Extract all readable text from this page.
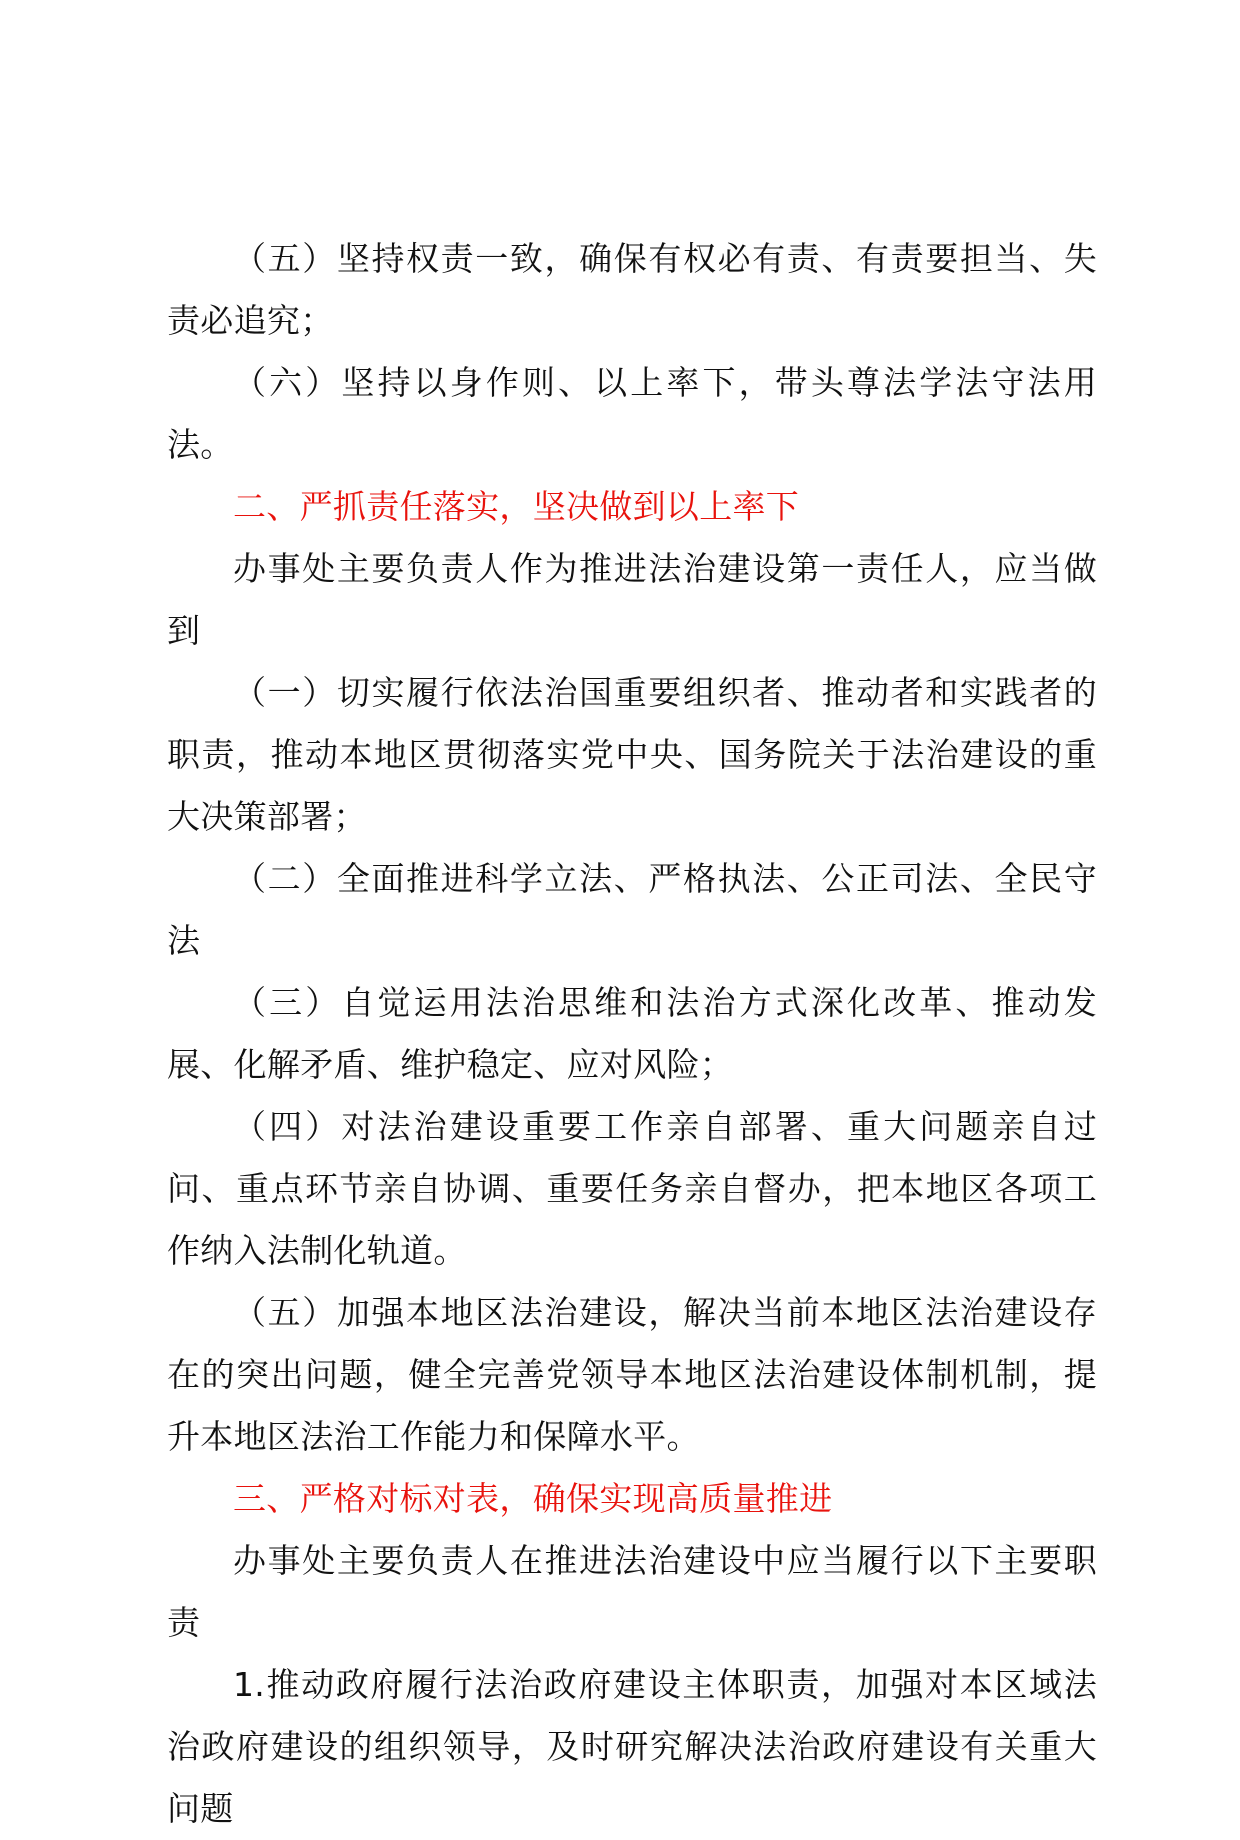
（五）坚持权责一致，确保有权必有责、有责要担当、失责必追究；

（六）坚持以身作则、以上率下，带头尊法学法守法用法。

二、严抓责任落实，坚决做到以上率下

办事处主要负责人作为推进法治建设第一责任人，应当做到

（一）切实履行依法治国重要组织者、推动者和实践者的职责，推动本地区贯彻落实党中央、国务院关于法治建设的重大决策部署；

（二）全面推进科学立法、严格执法、公正司法、全民守法

（三）自觉运用法治思维和法治方式深化改革、推动发展、化解矛盾、维护稳定、应对风险；

（四）对法治建设重要工作亲自部署、重大问题亲自过问、重点环节亲自协调、重要任务亲自督办，把本地区各项工作纳入法制化轨道。

（五）加强本地区法治建设，解决当前本地区法治建设存在的突出问题，健全完善党领导本地区法治建设体制机制，提升本地区法治工作能力和保障水平。

三、严格对标对表，确保实现高质量推进

办事处主要负责人在推进法治建设中应当履行以下主要职责

1.推动政府履行法治政府建设主体职责，加强对本区域法治政府建设的组织领导，及时研究解决法治政府建设有关重大问题
